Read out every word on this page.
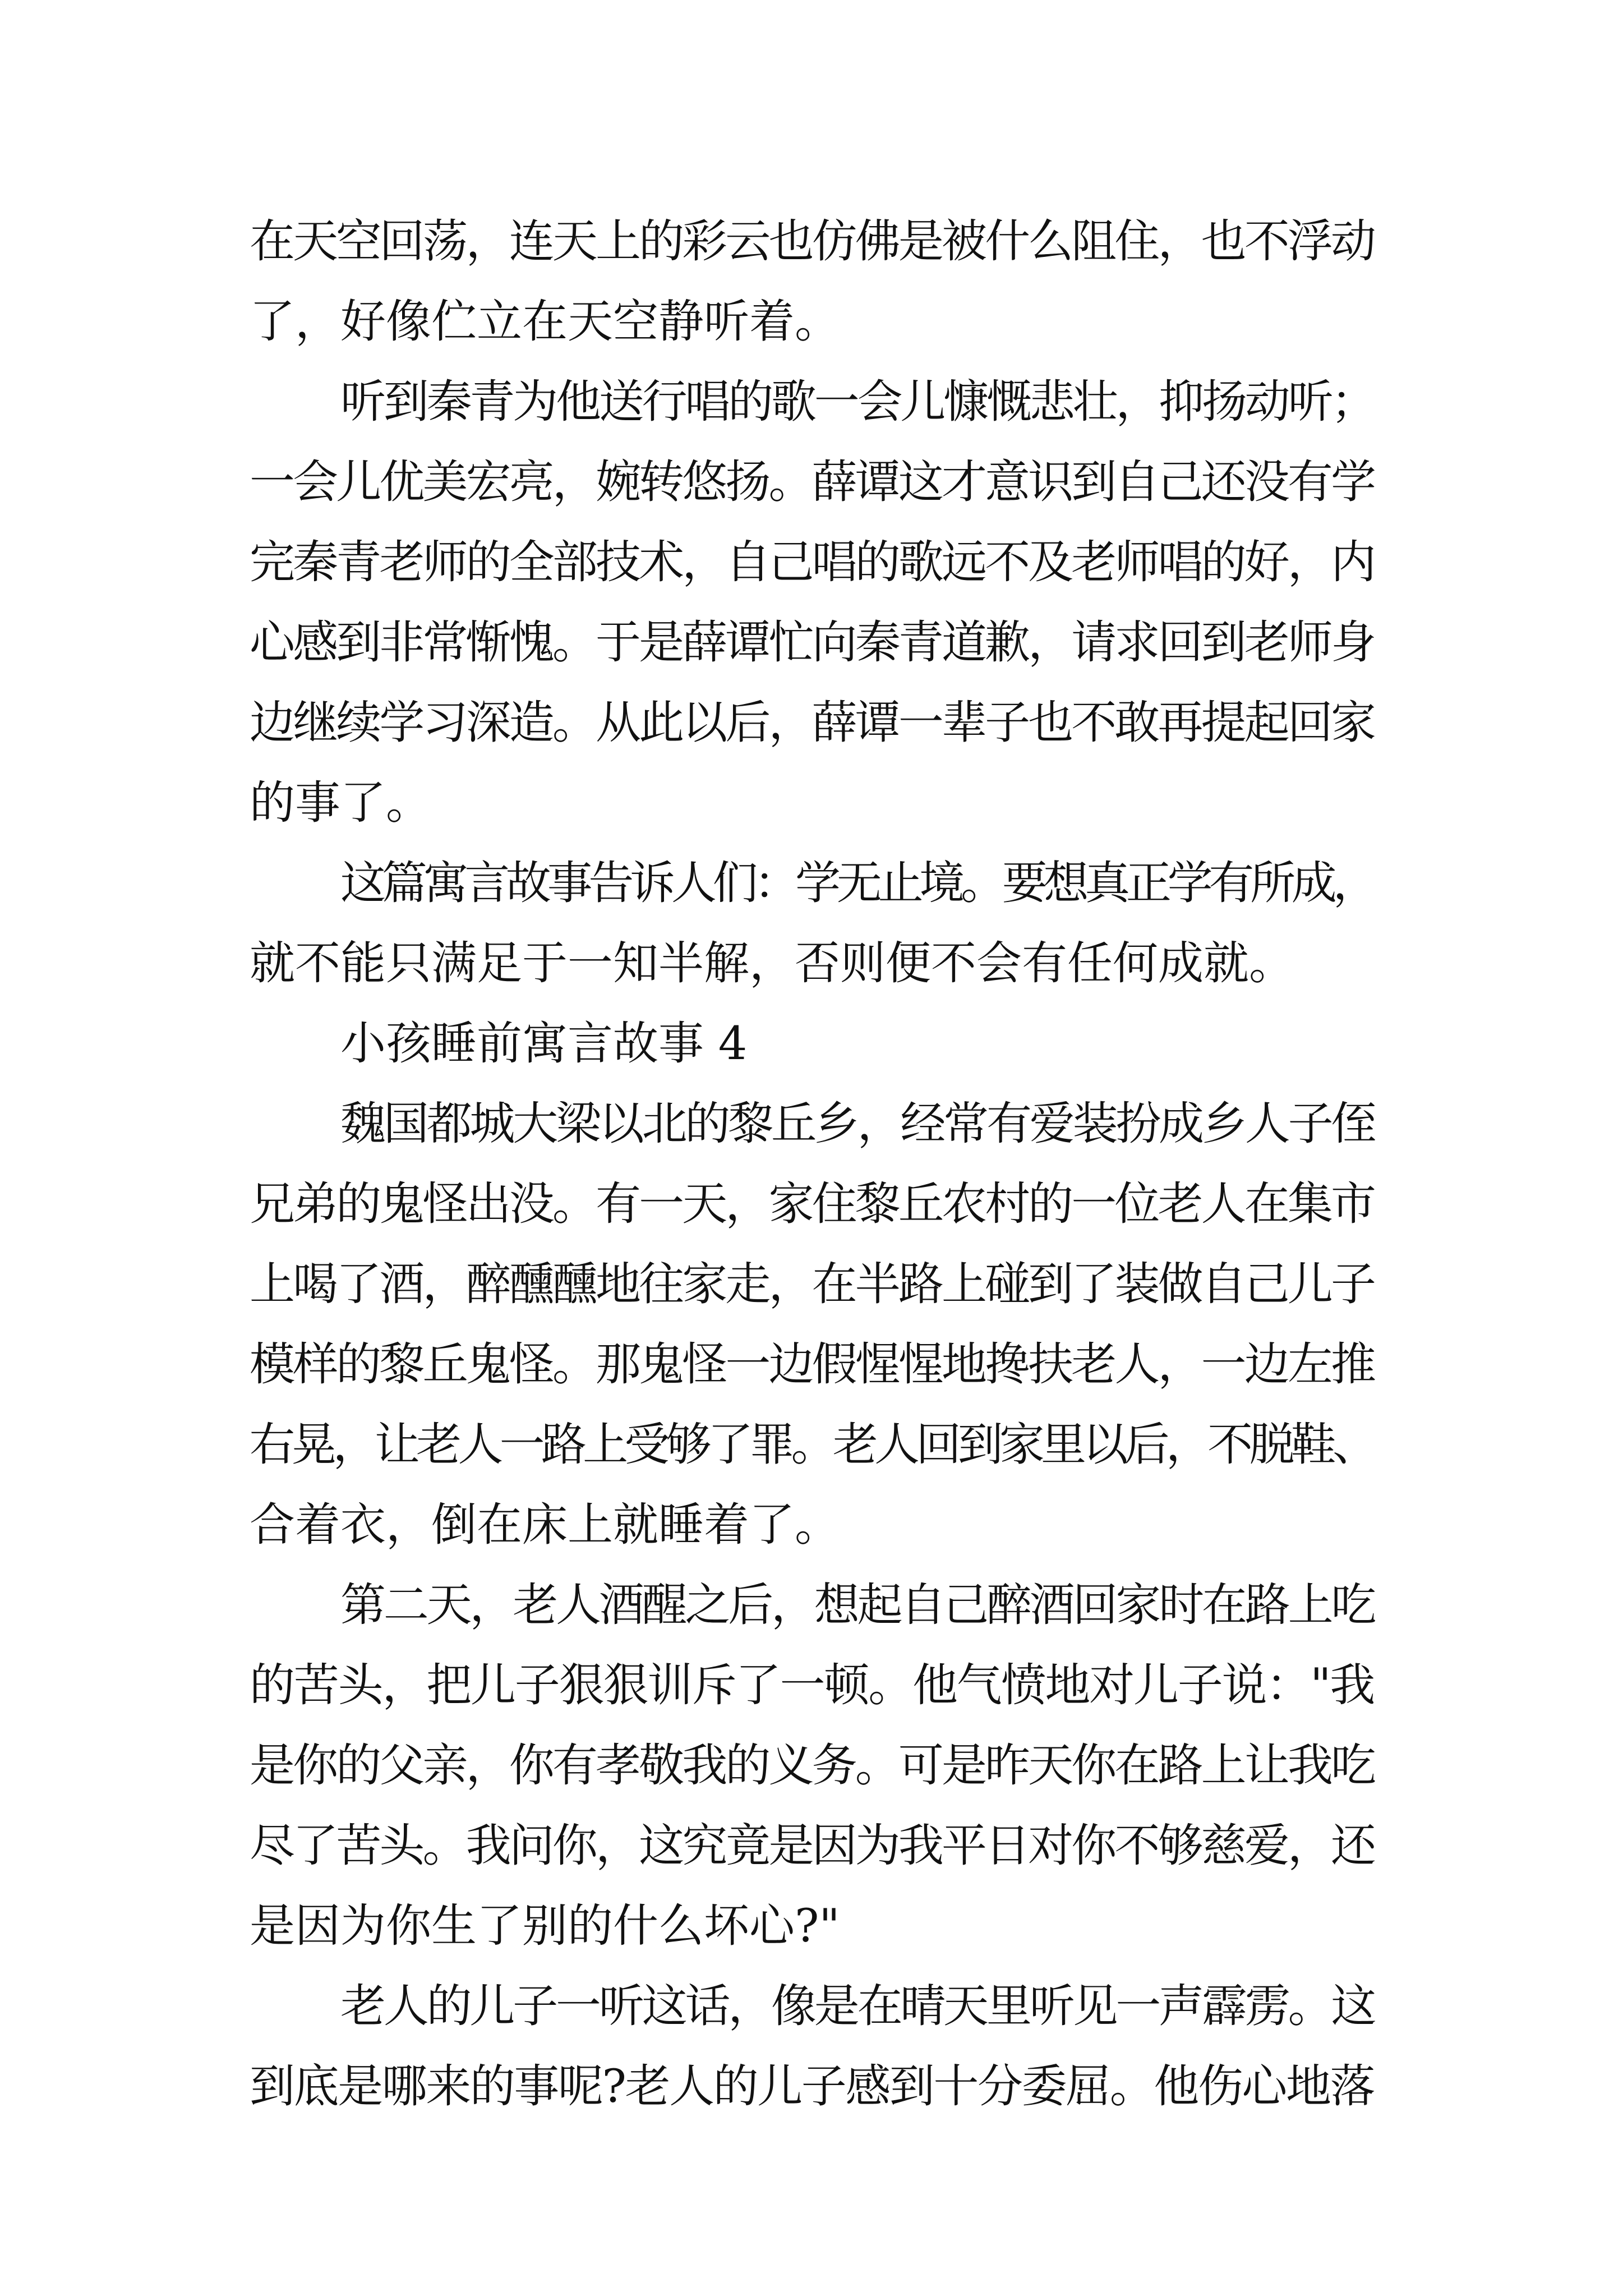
在天空回荡，连天上的彩云也仿佛是被什么阻住，也不浮动
了，好像伫立在天空静听着。
听到秦青为他送行唱的歌一会儿慷慨悲壮，抑扬动听；
一会儿优美宏亮，婉转悠扬。薛谭这才意识到自己还没有学
完秦青老师的全部技术，自己唱的歌远不及老师唱的好，内
心感到非常惭愧。于是薛谭忙向秦青道歉，请求回到老师身
边继续学习深造。从此以后，薛谭一辈子也不敢再提起回家
的事了。
这篇寓言故事告诉人们：学无止境。要想真正学有所成，
就不能只满足于一知半解，否则便不会有任何成就。
小孩睡前寓言故事 4
魏国都城大梁以北的黎丘乡，经常有爱装扮成乡人子侄
兄弟的鬼怪出没。有一天，家住黎丘农村的一位老人在集市
上喝了酒，醉醺醺地往家走，在半路上碰到了装做自己儿子
模样的黎丘鬼怪。那鬼怪一边假惺惺地搀扶老人，一边左推
右晃，让老人一路上受够了罪。老人回到家里以后，不脱鞋、
合着衣，倒在床上就睡着了。
第二天，老人酒醒之后，想起自己醉酒回家时在路上吃
的苦头，把儿子狠狠训斥了一顿。他气愤地对儿子说："我
是你的父亲，你有孝敬我的义务。可是昨天你在路上让我吃
尽了苦头。我问你，这究竟是因为我平日对你不够慈爱，还
是因为你生了别的什么坏心?"
老人的儿子一听这话，像是在晴天里听见一声霹雳。这
到底是哪来的事呢?老人的儿子感到十分委屈。他伤心地落
